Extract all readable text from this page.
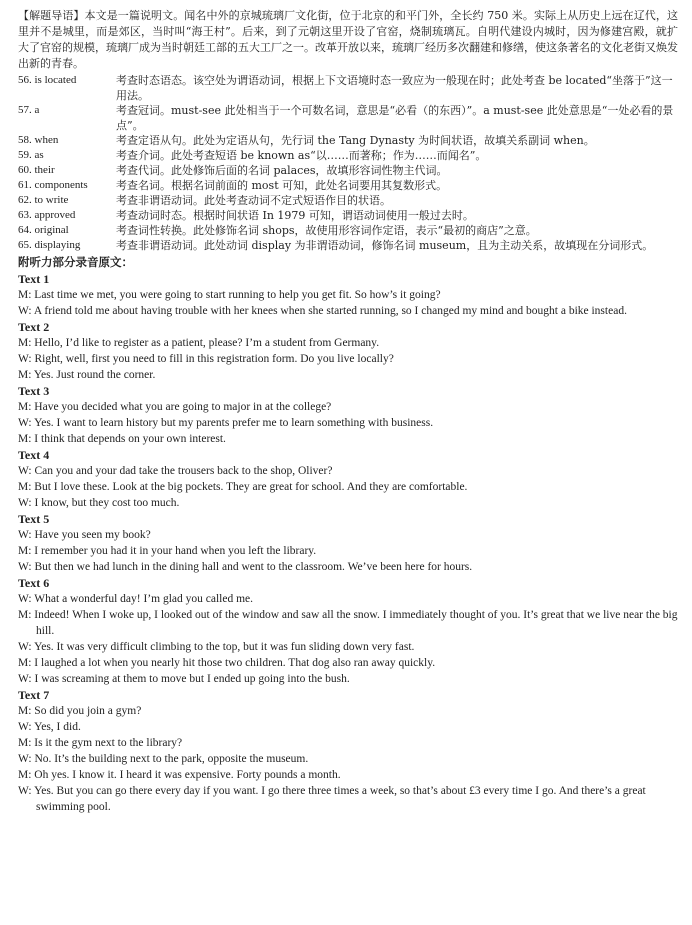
【解题导语】本文是一篇说明文。闻名中外的京城琉璃厂文化街，位于北京的和平门外，全长约 750 米。实际上从历史上远在辽代，这里并不是城里，而是郊区，当时叫“海王村”。后来，到了元朝这里开设了官窑，烧制琉璃瓦。自明代建设内城时，因为修建宫殿，就扩大了官窑的规模，琉璃厂成为当时朝廷工部的五大工厂之一。改革开放以来，琉璃厂经历多次翻建和修缮，使这条著名的文化老街又焕发出新的青春。

56. is located	考查时态语态。该空处为谓语动词，根据上下文语境时态一致应为一般现在时；此处考查 be located“坐落于”这一用法。
57. a	考查冠词。must-see 此处相当于一个可数名词，意思是“必看（的东西）”。a must-see 此处意思是“一处必看的景点”。
58. when	考查定语从句。此处为定语从句，先行词 the Tang Dynasty 为时间状语，故填关系副词 when。
59. as	考查介词。此处考查短语 be known as“以……而著称；作为……而闻名”。
60. their	考查代词。此处修饰后面的名词 palaces，故填形容词性物主代词。
61. components	考查名词。根据名词前面的 most 可知，此处名词要用其复数形式。
62. to write	考查非谓语动词。此处考查动词不定式短语作目的状语。
63. approved	考查动词时态。根据时间状语 In 1979 可知，谓语动词使用一般过去时。
64. original	考查词性转换。此处修饰名词 shops，故使用形容词作定语，表示“最初的商店”之意。
65. displaying	考查非谓语动词。此处动词 display 为非谓语动词，修饰名词 museum，且为主动关系，故填现在分词形式。
附听力部分录音原文：
Text 1
M: Last time we met, you were going to start running to help you get fit. So how’s it going?
W: A friend told me about having trouble with her knees when she started running, so I changed my mind and bought a bike instead.
Text 2
M: Hello, I’d like to register as a patient, please? I’m a student from Germany.
W: Right, well, first you need to fill in this registration form. Do you live locally?
M: Yes. Just round the corner.
Text 3
M: Have you decided what you are going to major in at the college?
W: Yes. I want to learn history but my parents prefer me to learn something with business.
M: I think that depends on your own interest.
Text 4
W: Can you and your dad take the trousers back to the shop, Oliver?
M: But I love these. Look at the big pockets. They are great for school. And they are comfortable.
W: I know, but they cost too much.
Text 5
W: Have you seen my book?
M: I remember you had it in your hand when you left the library.
W: But then we had lunch in the dining hall and went to the classroom. We’ve been here for hours.
Text 6
W: What a wonderful day! I’m glad you called me.
M: Indeed! When I woke up, I looked out of the window and saw all the snow. I immediately thought of you. It’s great that we live near the big hill.
W: Yes. It was very difficult climbing to the top, but it was fun sliding down very fast.
M: I laughed a lot when you nearly hit those two children. That dog also ran away quickly.
W: I was screaming at them to move but I ended up going into the bush.
Text 7
M: So did you join a gym?
W: Yes, I did.
M: Is it the gym next to the library?
W: No. It’s the building next to the park, opposite the museum.
M: Oh yes. I know it. I heard it was expensive. Forty pounds a month.
W: Yes. But you can go there every day if you want. I go there three times a week, so that’s about £3 every time I go. And there’s a great swimming pool.
